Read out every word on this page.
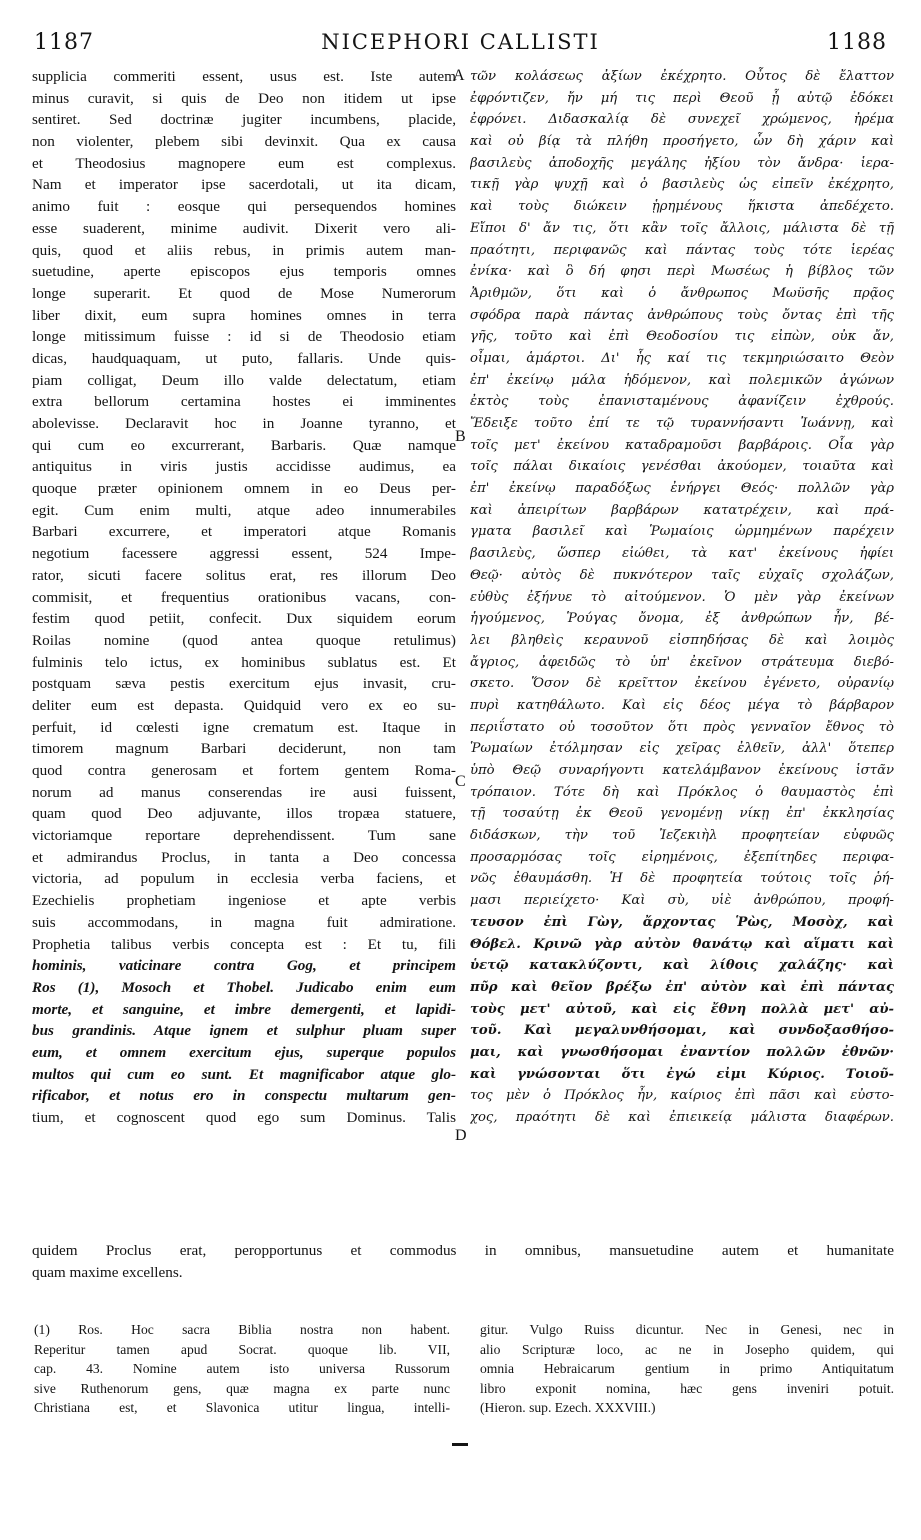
1187	NICEPHORI CALLISTI	1188
supplicia commeriti essent, usus est. Iste autem
minus curavit, si quis de Deo non itidem ut ipse
sentiret. Sed doctrinæ jugiter incumbens, placide,
non violenter, plebem sibi devinxit. Qua ex causa
et Theodosius magnopere eum est complexus.
Nam et imperator ipse sacerdotali, ut ita dicam,
animo fuit : eosque qui persequendos homines
esse suaderent, minime audivit. Dixerit vero ali-
quis, quod et aliis rebus, in primis autem man-
suetudine, aperte episcopos ejus temporis omnes
longe superarit. Et quod de Mose Numerorum
liber dixit, eum supra homines omnes in terra
longe mitissimum fuisse : id si de Theodosio etiam
dicas, haudquaquam, ut puto, fallaris. Unde quis-
piam colligat, Deum illo valde delectatum, etiam
extra bellorum certamina hostes ei imminentes
abolevisse. Declaravit hoc in Joanne tyranno, et
qui cum eo excurrerant, Barbaris. Quæ namque
antiquitus in viris justis accidisse audimus, ea
quoque præter opinionem omnem in eo Deus per-
egit. Cum enim multi, atque adeo innumerabiles
Barbari excurrere, et imperatori atque Romanis
negotium facessere aggressi essent, 524 Impe-
rator, sicuti facere solitus erat, res illorum Deo
commisit, et frequentius orationibus vacans, con-
festim quod petiit, confecit. Dux siquidem eorum
Roilas nomine (quod antea quoque retulimus)
fulminis telo ictus, ex hominibus sublatus est. Et
postquam sæva pestis exercitum ejus invasit, cru-
deliter eum est depasta. Quidquid vero ex eo su-
perfuit, id cœlesti igne crematum est. Itaque in
timorem magnum Barbari deciderunt, non tam
quod contra generosam et fortem gentem Roma-
norum ad manus conserendas ire ausi fuissent,
quam quod Deo adjuvante, illos tropæa statuere,
victoriamque reportare deprehendissent. Tum sane
et admirandus Proclus, in tanta a Deo concessa
victoria, ad populum in ecclesia verba faciens, et
Ezechielis prophetiam ingeniose et apte verbis
suis accommodans, in magna fuit admiratione.
Prophetia talibus verbis concepta est : Et tu, fili
hominis, vaticinare contra Gog, et principem
Ros (1), Mosoch et Thobel. Judicabo enim eum
morte, et sanguine, et imbre demergenti, et lapidi-
bus grandinis. Atque ignem et sulphur pluam super
eum, et omnem exercitum ejus, superque populos
multos qui cum eo sunt. Et magnificabor atque glo-
rificabor, et notus ero in conspectu multarum gen-
tium, et cognoscent quod ego sum Dominus. Talis
τῶν κολάσεως ἀξίων ἐκέχρητο. Οὗτος δὲ ἔλαττον
ἐφρόντιζεν, ἤν μή τις περὶ Θεοῦ ᾗ αὐτῷ ἐδόκει
ἐφρόνει. Διδασκαλίᾳ δὲ συνεχεῖ χρώμενος, ἠρέμα
καὶ οὐ βίᾳ τὰ πλήθη προσήγετο, ὧν δὴ χάριν καὶ
βασιλεὺς ἀποδοχῆς μεγάλης ἠξίου τὸν ἄνδρα· ἱερα-
τικῇ γὰρ ψυχῇ καὶ ὁ βασιλεὺς ὡς εἰπεῖν ἐκέχρητο,
καὶ τοὺς διώκειν ᾑρημένους ἥκιστα ἀπεδέχετο.
Εἴποι δ' ἄν τις, ὅτι κἂν τοῖς ἄλλοις, μάλιστα δὲ τῇ
πραότητι, περιφανῶς καὶ πάντας τοὺς τότε ἱερέας
ἐνίκα· καὶ ὃ δή φησι περὶ Μωσέως ἡ βίβλος τῶν
Ἀριθμῶν, ὅτι καὶ ὁ ἄνθρωπος Μωϋσῆς πρᾷος
σφόδρα παρὰ πάντας ἀνθρώπους τοὺς ὄντας ἐπὶ τῆς
γῆς, τοῦτο καὶ ἐπὶ Θεοδοσίου τις εἰπὼν, οὐκ ἄν,
οἶμαι, ἁμάρτοι. Δι' ἧς καί τις τεκμηριώσαιτο Θεὸν
ἐπ' ἐκείνῳ μάλα ἡδόμενον, καὶ πολεμικῶν ἀγώνων
ἐκτὸς τοὺς ἐπανισταμένους ἀφανίζειν ἐχθρούς.
Ἔδειξε τοῦτο ἐπί τε τῷ τυραννήσαντι Ἰωάννῃ, καὶ
τοῖς μετ' ἐκείνου καταδραμοῦσι βαρβάροις. Οἷα γὰρ
τοῖς πάλαι δικαίοις γενέσθαι ἀκούομεν, τοιαῦτα καὶ
ἐπ' ἐκείνῳ παραδόξως ἐνήργει Θεός· πολλῶν γὰρ
καὶ ἀπειρίτων βαρβάρων κατατρέχειν, καὶ πρά-
γματα βασιλεῖ καὶ Ῥωμαίοις ὡρμημένων παρέχειν
βασιλεὺς, ὥσπερ εἰώθει, τὰ κατ' ἐκείνους ἠφίει
Θεῷ· αὐτὸς δὲ πυκνότερον ταῖς εὐχαῖς σχολάζων,
εὐθὺς ἐξήνυε τὸ αἰτούμενον. Ὁ μὲν γὰρ ἐκείνων
ἡγούμενος, Ῥούγας ὄνομα, ἐξ ἀνθρώπων ἦν, βέ-
λει βληθεὶς κεραυνοῦ εἰσπηδήσας δὲ καὶ λοιμὸς
ἄγριος, ἀφειδῶς τὸ ὑπ' ἐκεῖνον στράτευμα διεβό-
σκετο. Ὅσον δὲ κρεῖττον ἐκείνου ἐγένετο, οὐρανίῳ
πυρὶ κατηθάλωτο. Καὶ εἰς δέος μέγα τὸ βάρβαρον
περιΐστατο οὐ τοσοῦτον ὅτι πρὸς γενναῖον ἔθνος τὸ
Ῥωμαίων ἐτόλμησαν εἰς χεῖρας ἐλθεῖν, ἀλλ' ὅτεπερ
ὑπὸ Θεῷ συναρήγοντι κατελάμβανον ἐκείνους ἱστᾶν
τρόπαιον. Τότε δὴ καὶ Πρόκλος ὁ θαυμαστὸς ἐπὶ
τῇ τοσαύτῃ ἐκ Θεοῦ γενομένῃ νίκῃ ἐπ' ἐκκλησίας
διδάσκων, τὴν τοῦ Ἰεζεκιὴλ προφητείαν εὐφυῶς
προσαρμόσας τοῖς εἰρημένοις, ἐξεπίτηδες περιφα-
νῶς ἐθαυμάσθη. Ἡ δὲ προφητεία τούτοις τοῖς ῥή-
μασι περιείχετο· Καὶ σὺ, υἱὲ ἀνθρώπου, προφή-
τευσον ἐπὶ Γὼγ, ἄρχοντας Ῥὼς, Μοσὸχ, καὶ
Θόβελ. Κρινῶ γὰρ αὐτὸν θανάτῳ καὶ αἵματι καὶ
ὑετῷ κατακλύζοντι, καὶ λίθοις χαλάζης· καὶ
πῦρ καὶ θεῖον βρέξω ἐπ' αὐτὸν καὶ ἐπὶ πάντας
τοὺς μετ' αὐτοῦ, καὶ εἰς ἔθνη πολλὰ μετ' αὐ-
τοῦ. Καὶ μεγαλυνθήσομαι, καὶ συνδοξασθήσο-
μαι, καὶ γνωσθήσομαι ἐναντίον πολλῶν ἐθνῶν·
καὶ γνώσονται ὅτι ἐγώ εἰμι Κύριος. Τοιοῦ-
τος μὲν ὁ Πρόκλος ἦν, καίριος ἐπὶ πᾶσι καὶ εὐστο-
χος, πραότητι δὲ καὶ ἐπιεικείᾳ μάλιστα διαφέρων.
A
B
C
D
quidem Proclus erat, peropportunus et commodus in omnibus, mansuetudine autem et humanitate
quam maxime excellens.
(1) Ros. Hoc sacra Biblia nostra non habent.
Reperitur tamen apud Socrat. quoque lib. VII,
cap. 43. Nomine autem isto universa Russorum
sive Ruthenorum gens, quæ magna ex parte nunc
Christiana est, et Slavonica utitur lingua, intelli-
gitur. Vulgo Ruiss dicuntur. Nec in Genesi, nec in
alio Scripturæ loco, ac ne in Josepho quidem, qui
omnia Hebraicarum gentium in primo Antiquitatum
libro exponit nomina, hæc gens inveniri potuit.
(Hieron. sup. Ezech. XXXVIII.)
